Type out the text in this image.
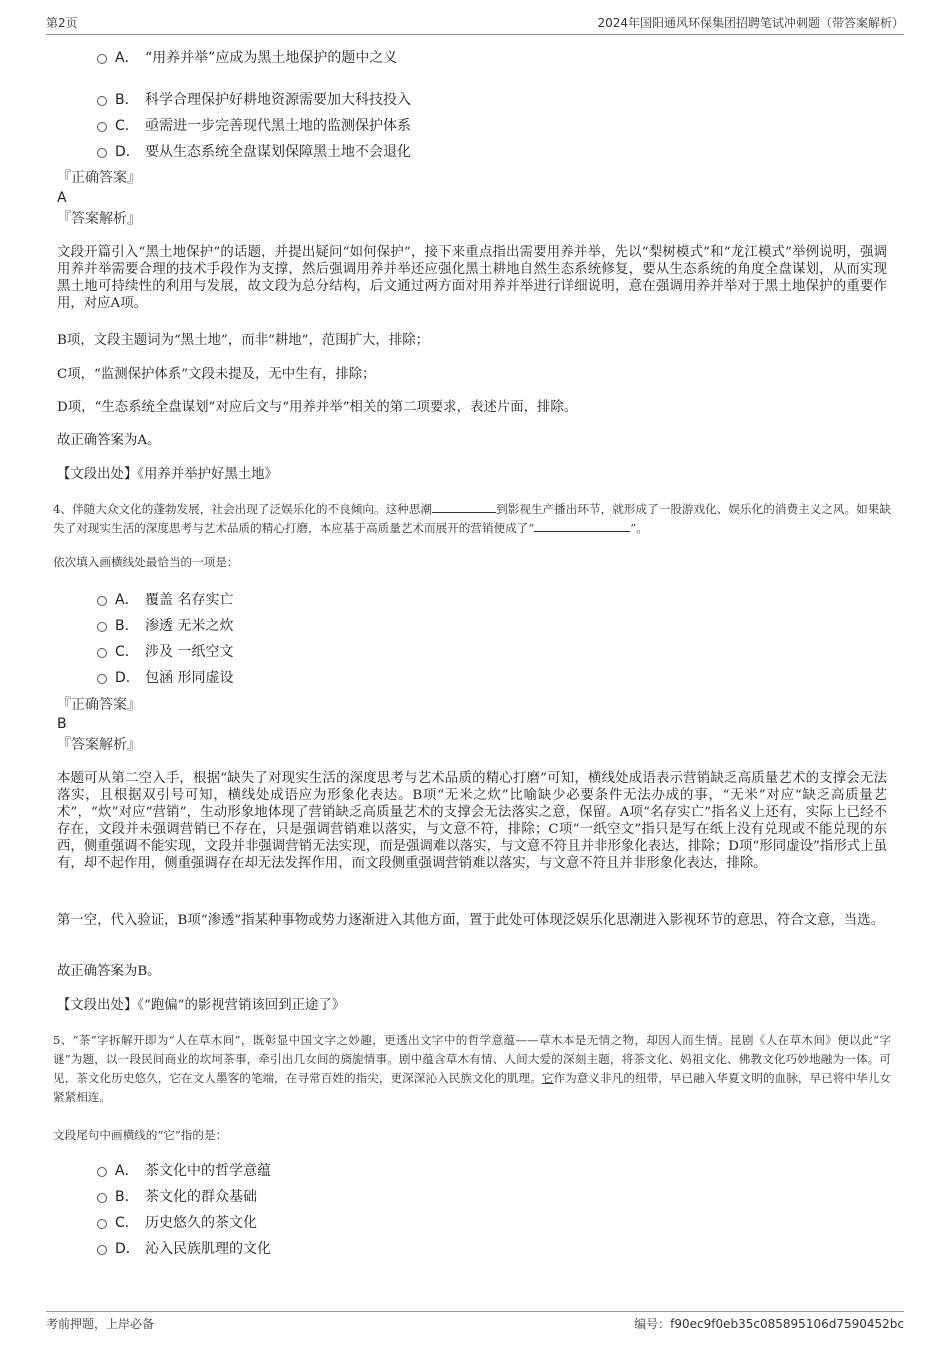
第2页	2024年国阳通风环保集团招聘笔试冲刺题（带答案解析）
A． “用养并举”应成为黑土地保护的题中之义
B． 科学合理保护好耕地资源需要加大科技投入
C． 亟需进一步完善现代黑土地的监测保护体系
D． 要从生态系统全盘谋划保障黑土地不会退化
『正确答案』
A
『答案解析』

文段开篇引入“黑土地保护”的话题，并提出疑问“如何保护”，接下来重点指出需要用养并举，先以“梨树模式”和“龙江模式”举例说明，强调用养并举需要合理的技术手段作为支撑，然后强调用养并举还应强化黑土耕地自然生态系统修复，要从生态系统的角度全盘谋划，从而实现黑土地可持续性的利用与发展，故文段为总分结构，后文通过两方面对用养并举进行详细说明，意在强调用养并举对于黑土地保护的重要作用，对应A项。

B项，文段主题词为“黑土地”，而非“耕地”，范围扩大，排除；

C项，“监测保护体系”文段未提及，无中生有，排除；

D项，“生态系统全盘谋划”对应后文与“用养并举”相关的第二项要求，表述片面，排除。

故正确答案为A。

【文段出处】《用养并举护好黑土地》

4、伴随大众文化的蓬勃发展，社会出现了泛娱乐化的不良倾向。这种思潮	到影视生产播出环节，就形成了一股游戏化、娱乐化的消费主义之风。如果缺失了对现实生活的深度思考与艺术品质的精心打磨，本应基于高质量艺术而展开的营销便成了“	”。

依次填入画横线处最恰当的一项是：
A． 覆盖 名存实亡
B． 渗透 无米之炊
C． 涉及 一纸空文
D． 包涵 形同虚设
『正确答案』
B
『答案解析』

本题可从第二空入手，根据“缺失了对现实生活的深度思考与艺术品质的精心打磨”可知，横线处成语表示营销缺乏高质量艺术的支撑会无法落实，且根据双引号可知，横线处成语应为形象化表达。B项“无米之炊”比喻缺少必要条件无法办成的事，“无米”对应“缺乏高质量艺术”，“炊”对应“营销”，生动形象地体现了营销缺乏高质量艺术的支撑会无法落实之意，保留。A项“名存实亡”指名义上还有，实际上已经不存在，文段并未强调营销已不存在，只是强调营销难以落实，与文意不符，排除；C项“一纸空文”指只是写在纸上没有兑现或不能兑现的东西，侧重强调不能实现，文段并非强调营销无法实现，而是强调难以落实，与文意不符且并非形象化表达，排除；D项“形同虚设”指形式上虽有，却不起作用，侧重强调存在却无法发挥作用，而文段侧重强调营销难以落实，与文意不符且并非形象化表达，排除。

第一空，代入验证，B项“渗透”指某种事物或势力逐渐进入其他方面，置于此处可体现泛娱乐化思潮进入影视环节的意思，符合文意，当选。

故正确答案为B。

【文段出处】《“跑偏”的影视营销该回到正途了》

5、“茶”字拆解开即为“人在草木间”，既彰显中国文字之妙趣，更透出文字中的哲学意蕴——草木本是无情之物，却因人而生情。昆剧《人在草木间》便以此“字谜”为题，以一段民间商业的坎坷茶事，牵引出几女间的旖旎情事。剧中蕴含草木有情、人间大爱的深刻主题，将茶文化、妈祖文化、佛教文化巧妙地融为一体。可见，茶文化历史悠久，它在文人墨客的笔端，在寻常百姓的指尖，更深深沁入民族文化的肌理。它作为意义非凡的纽带，早已融入华夏文明的血脉，早已将中华儿女紧紧相连。

文段尾句中画横线的“它”指的是：
A． 茶文化中的哲学意蕴
B． 茶文化的群众基础
C． 历史悠久的茶文化
D． 沁入民族肌理的文化
考前押题，上岸必备	编号：f90ec9f0eb35c085895106d7590452bc
